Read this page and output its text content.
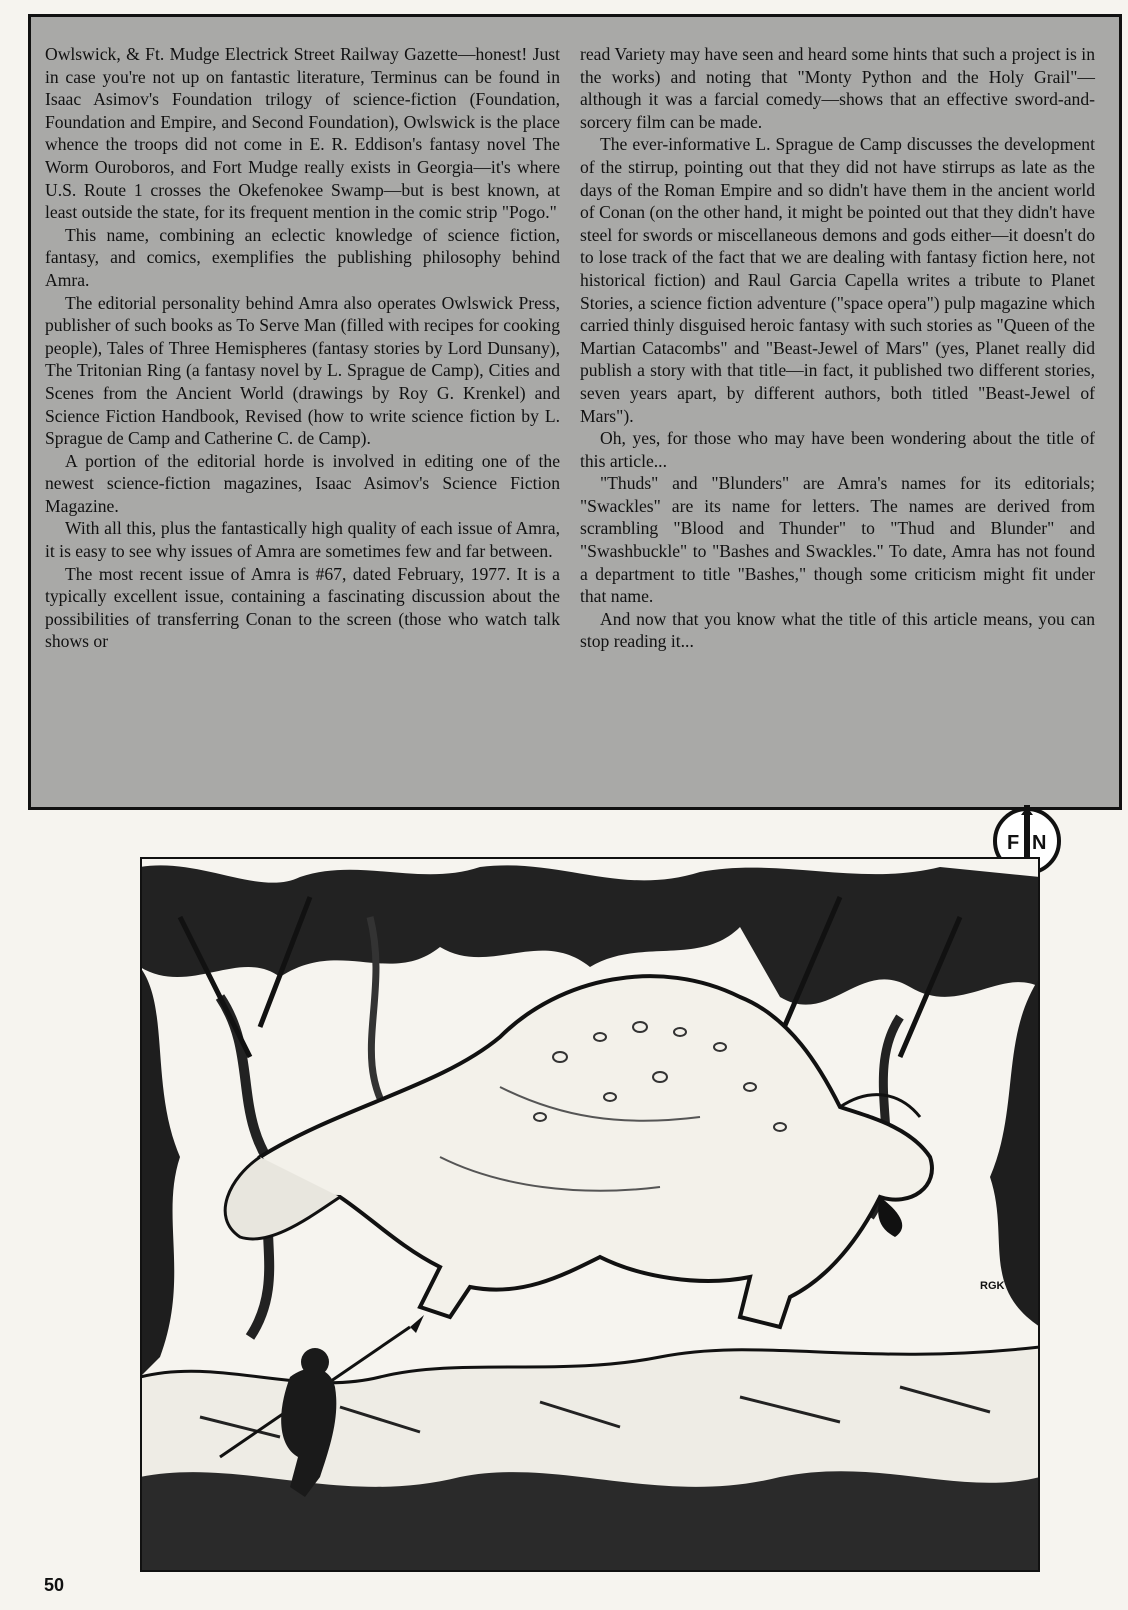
Owlswick, & Ft. Mudge Electrick Street Railway Gazette—honest! Just in case you're not up on fantastic literature, Terminus can be found in Isaac Asimov's Foundation trilogy of science-fiction (Foundation, Foundation and Empire, and Second Foundation), Owlswick is the place whence the troops did not come in E. R. Eddison's fantasy novel The Worm Ouroboros, and Fort Mudge really exists in Georgia—it's where U.S. Route 1 crosses the Okefenokee Swamp—but is best known, at least outside the state, for its frequent mention in the comic strip "Pogo."

This name, combining an eclectic knowledge of science fiction, fantasy, and comics, exemplifies the publishing philosophy behind Amra.

The editorial personality behind Amra also operates Owlswick Press, publisher of such books as To Serve Man (filled with recipes for cooking people), Tales of Three Hemispheres (fantasy stories by Lord Dunsany), The Tritonian Ring (a fantasy novel by L. Sprague de Camp), Cities and Scenes from the Ancient World (drawings by Roy G. Krenkel) and Science Fiction Handbook, Revised (how to write science fiction by L. Sprague de Camp and Catherine C. de Camp).

A portion of the editorial horde is involved in editing one of the newest science-fiction magazines, Isaac Asimov's Science Fiction Magazine.

With all this, plus the fantastically high quality of each issue of Amra, it is easy to see why issues of Amra are sometimes few and far between.

The most recent issue of Amra is #67, dated February, 1977. It is a typically excellent issue, containing a fascinating discussion about the possibilities of transferring Conan to the screen (those who watch talk shows or

read Variety may have seen and heard some hints that such a project is in the works) and noting that "Monty Python and the Holy Grail"—although it was a farcial comedy—shows that an effective sword-and-sorcery film can be made.

The ever-informative L. Sprague de Camp discusses the development of the stirrup, pointing out that they did not have stirrups as late as the days of the Roman Empire and so didn't have them in the ancient world of Conan (on the other hand, it might be pointed out that they didn't have steel for swords or miscellaneous demons and gods either—it doesn't do to lose track of the fact that we are dealing with fantasy fiction here, not historical fiction) and Raul Garcia Capella writes a tribute to Planet Stories, a science fiction adventure ("space opera") pulp magazine which carried thinly disguised heroic fantasy with such stories as "Queen of the Martian Catacombs" and "Beast-Jewel of Mars" (yes, Planet really did publish a story with that title—in fact, it published two different stories, seven years apart, by different authors, both titled "Beast-Jewel of Mars").

Oh, yes, for those who may have been wondering about the title of this article...

"Thuds" and "Blunders" are Amra's names for its editorials; "Swackles" are its name for letters. The names are derived from scrambling "Blood and Thunder" to "Thud and Blunder" and "Swashbuckle" to "Bashes and Swackles." To date, Amra has not found a department to title "Bashes," though some criticism might fit under that name.

And now that you know what the title of this article means, you can stop reading it...

F N
RGK
50
